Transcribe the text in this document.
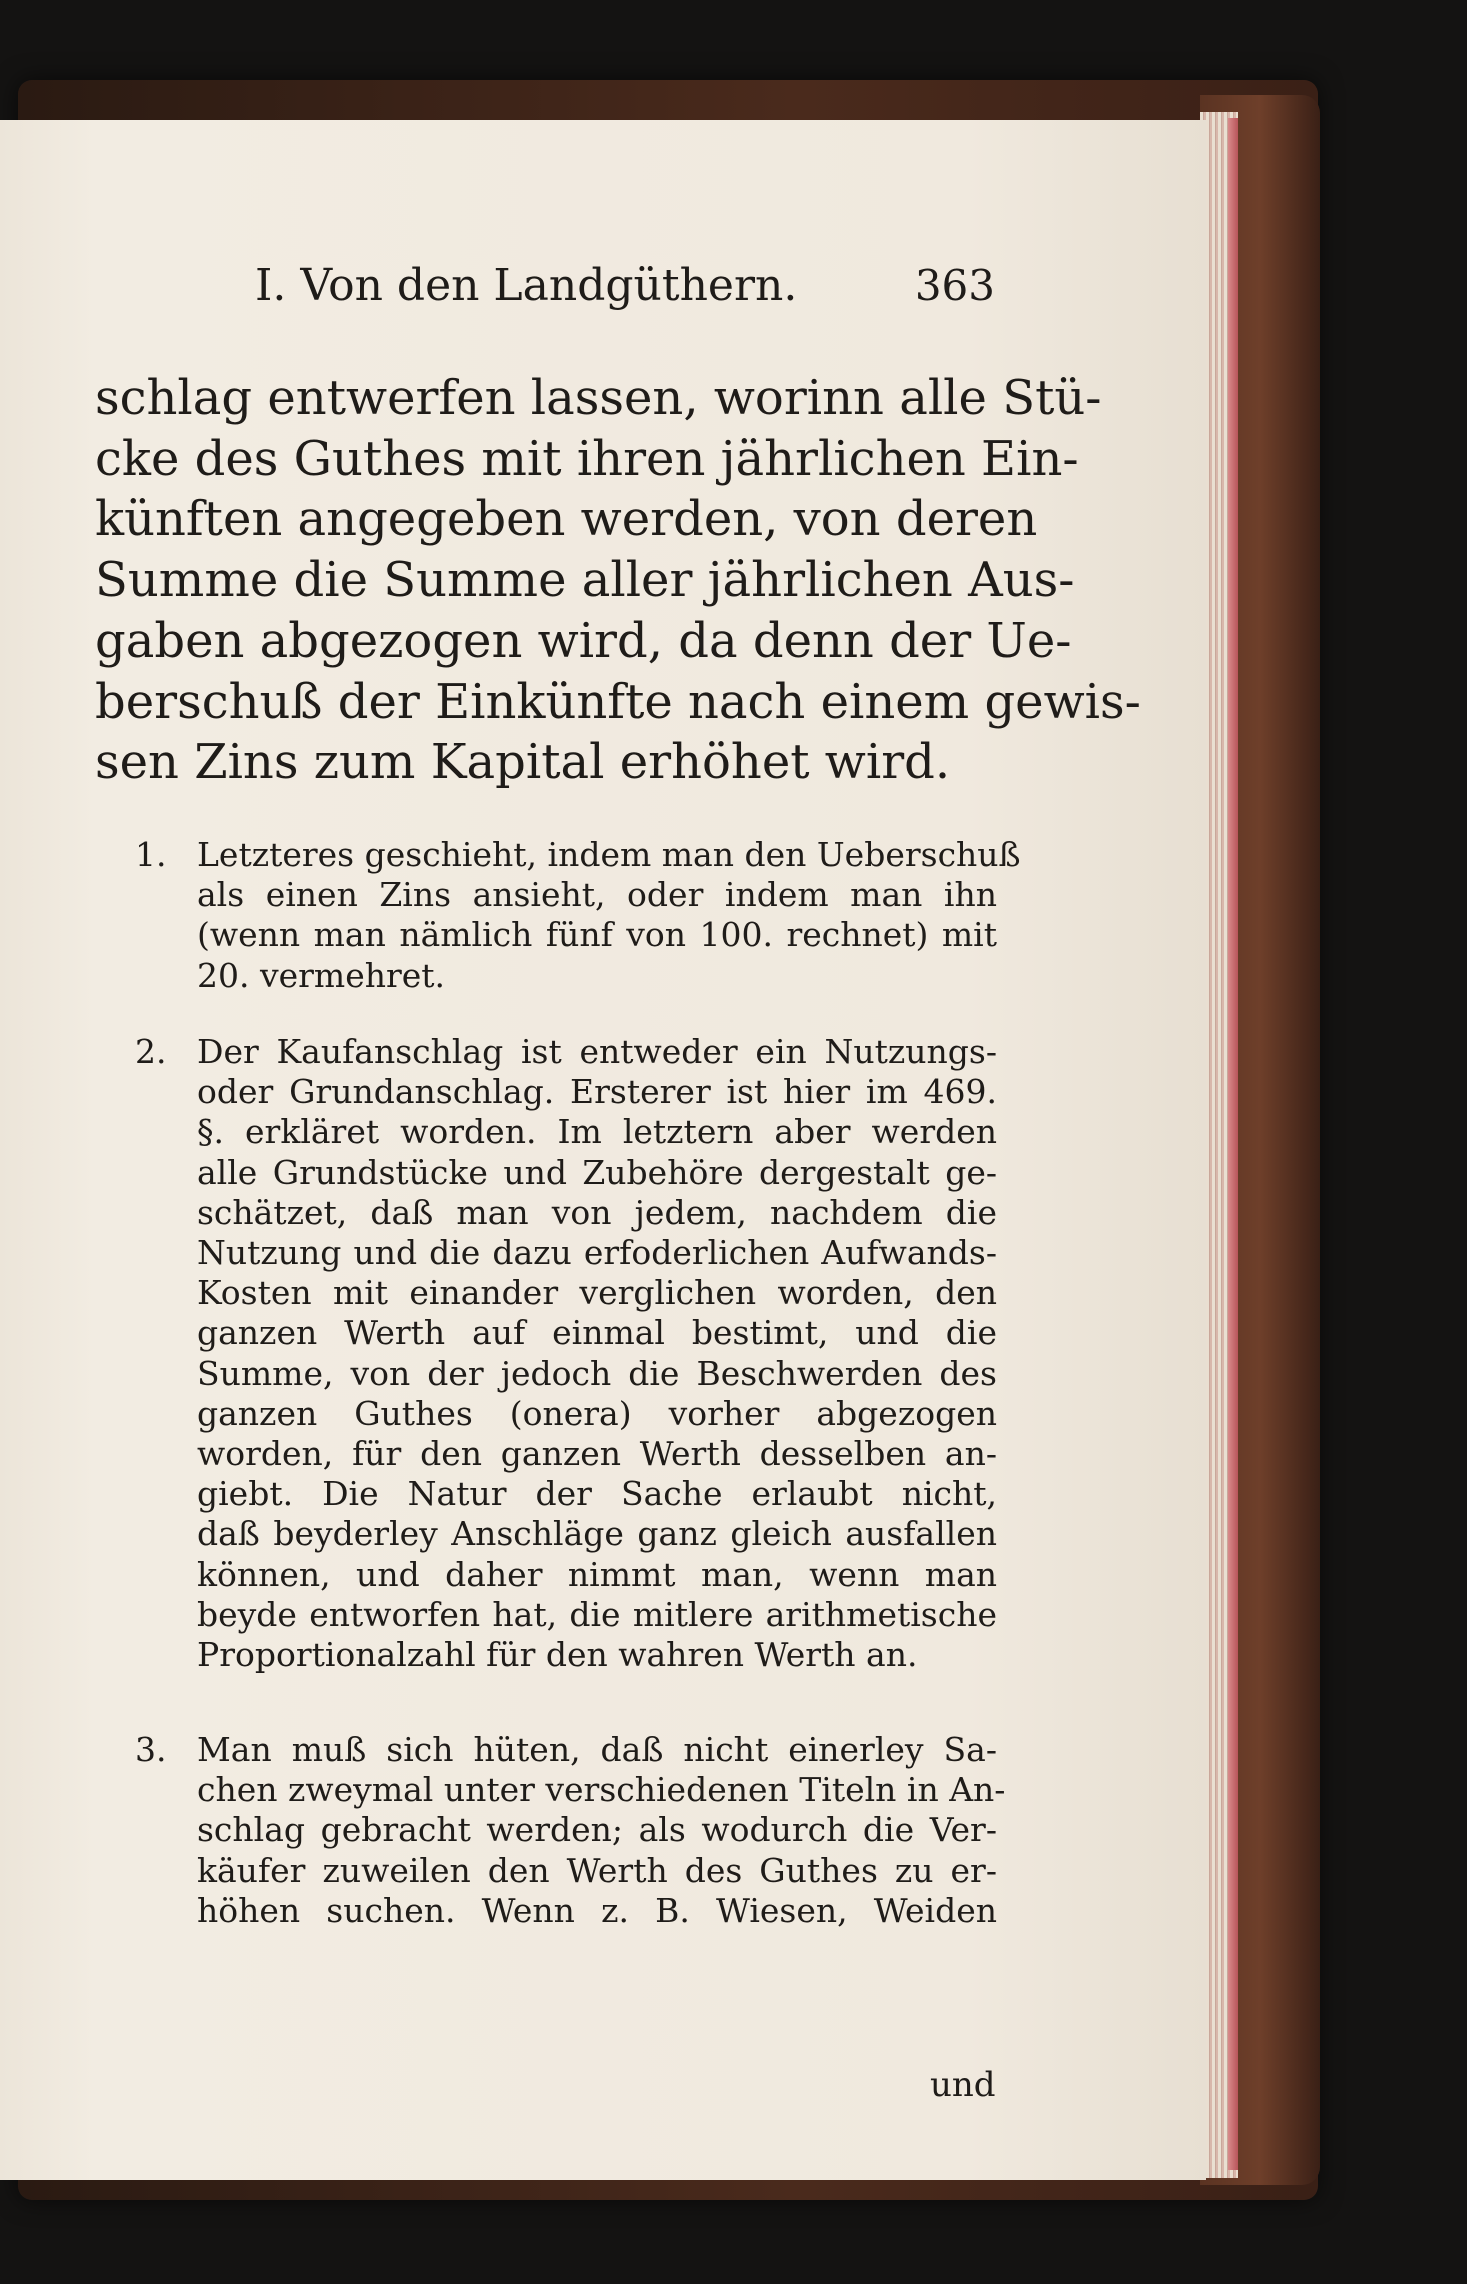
I. Von den Landgüthern.	363
schlag entwerfen lassen, worinn alle Stü-
cke des Guthes mit ihren jährlichen Ein-
künften angegeben werden, von deren
Summe die Summe aller jährlichen Aus-
gaben abgezogen wird, da denn der Ue-
berschuß der Einkünfte nach einem gewis-
sen Zins zum Kapital erhöhet wird.
1. Letzteres geschieht, indem man den Ueberschuß
als einen Zins ansieht, oder indem man ihn
(wenn man nämlich fünf von 100. rechnet) mit
20. vermehret.
2. Der Kaufanschlag ist entweder ein Nutzungs-
oder Grundanschlag. Ersterer ist hier im 469.
§. erkläret worden. Im letztern aber werden
alle Grundstücke und Zubehöre dergestalt ge-
schätzet, daß man von jedem, nachdem die
Nutzung und die dazu erfoderlichen Aufwands-
Kosten mit einander verglichen worden, den
ganzen Werth auf einmal bestimt, und die
Summe, von der jedoch die Beschwerden des
ganzen Guthes (onera) vorher abgezogen
worden, für den ganzen Werth desselben an-
giebt. Die Natur der Sache erlaubt nicht,
daß beyderley Anschläge ganz gleich ausfallen
können, und daher nimmt man, wenn man
beyde entworfen hat, die mitlere arithmetische
Proportionalzahl für den wahren Werth an.
3. Man muß sich hüten, daß nicht einerley Sa-
chen zweymal unter verschiedenen Titeln in An-
schlag gebracht werden; als wodurch die Ver-
käufer zuweilen den Werth des Guthes zu er-
höhen suchen. Wenn z. B. Wiesen, Weiden
und
